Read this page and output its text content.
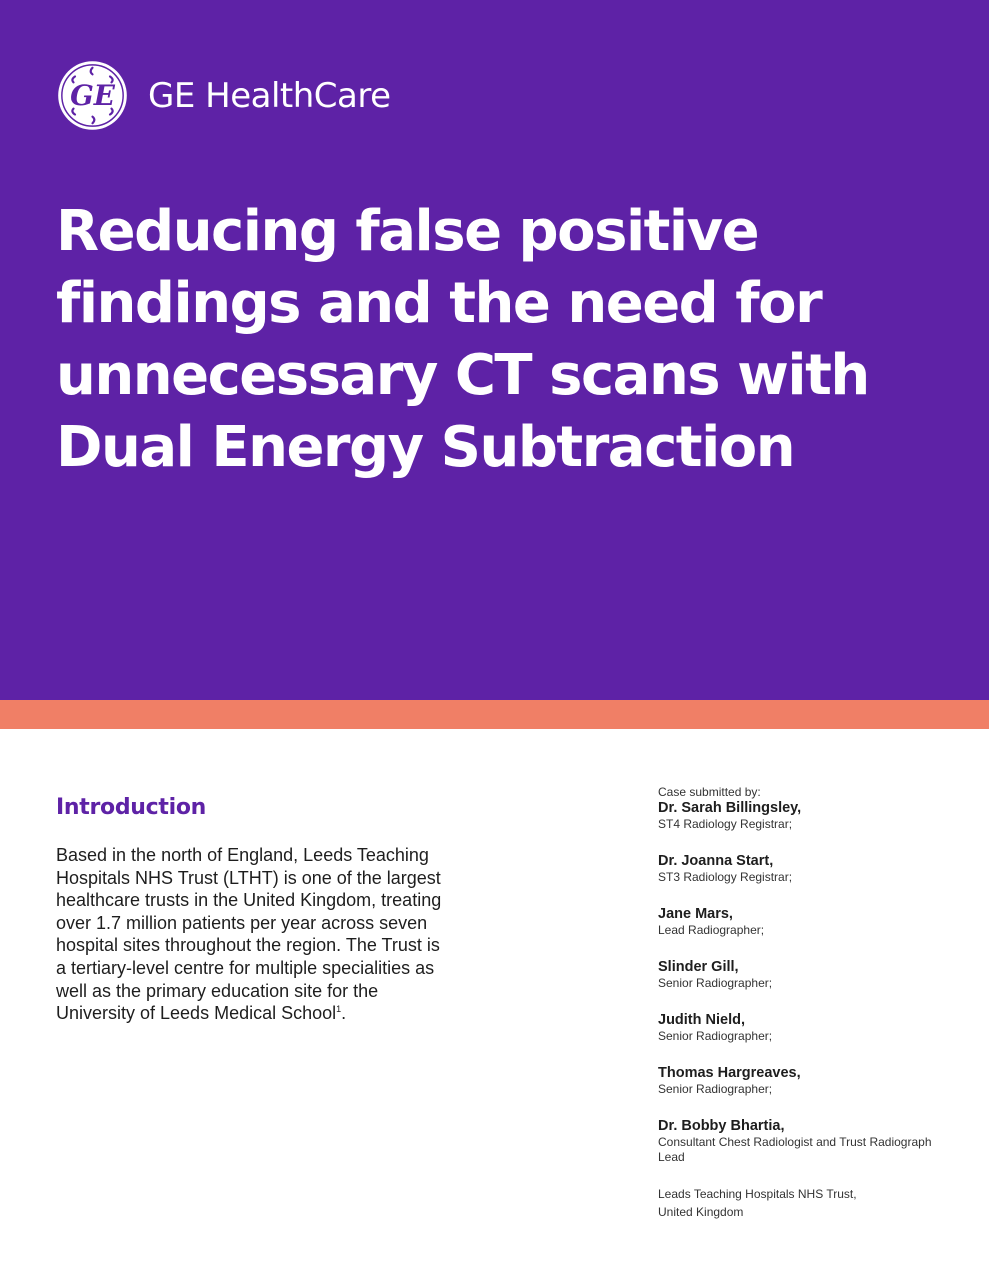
GE GE HealthCare
Reducing false positive findings and the need for unnecessary CT scans with Dual Energy Subtraction
Introduction

Based in the north of England, Leeds Teaching Hospitals NHS Trust (LTHT) is one of the largest healthcare trusts in the United Kingdom, treating over 1.7 million patients per year across seven hospital sites throughout the region. The Trust is a tertiary-level centre for multiple specialities as well as the primary education site for the University of Leeds Medical School$^1$.

Case submitted by:
Dr. Sarah Billingsley,
ST4 Radiology Registrar;
Dr. Joanna Start,
ST3 Radiology Registrar;
Jane Mars,
Lead Radiographer;
Slinder Gill,
Senior Radiographer;
Judith Nield,
Senior Radiographer;
Thomas Hargreaves,
Senior Radiographer;
Dr. Bobby Bhartia,
Consultant Chest Radiologist and Trust Radiograph Lead
Leads Teaching Hospitals NHS Trust,
United Kingdom
